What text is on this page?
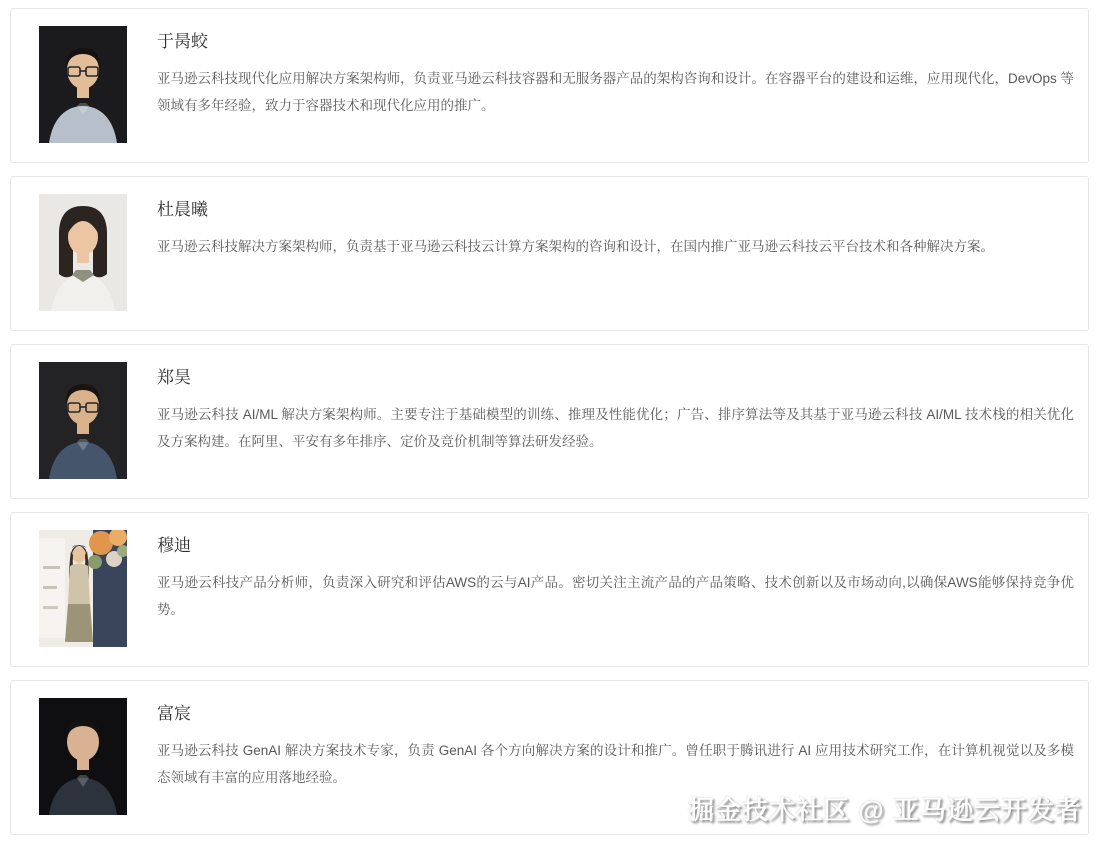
于昺蛟

亚马逊云科技现代化应用解决方案架构师，负责亚马逊云科技容器和无服务器产品的架构咨询和设计。在容器平台的建设和运维，应用现代化，DevOps 等领域有多年经验，致力于容器技术和现代化应用的推广。

杜晨曦

亚马逊云科技解决方案架构师，负责基于亚马逊云科技云计算方案架构的咨询和设计，在国内推广亚马逊云科技云平台技术和各种解决方案。

郑昊

亚马逊云科技 AI/ML 解决方案架构师。主要专注于基础模型的训练、推理及性能优化；广告、排序算法等及其基于亚马逊云科技 AI/ML 技术栈的相关优化及方案构建。在阿里、平安有多年排序、定价及竞价机制等算法研发经验。

穆迪

亚马逊云科技产品分析师，负责深入研究和评估AWS的云与AI产品。密切关注主流产品的产品策略、技术创新以及市场动向,以确保AWS能够保持竞争优势。

富宸

亚马逊云科技 GenAI 解决方案技术专家，负责 GenAI 各个方向解决方案的设计和推广。曾任职于腾讯进行 AI 应用技术研究工作，在计算机视觉以及多模态领域有丰富的应用落地经验。

掘金技术社区 @ 亚马逊云开发者
